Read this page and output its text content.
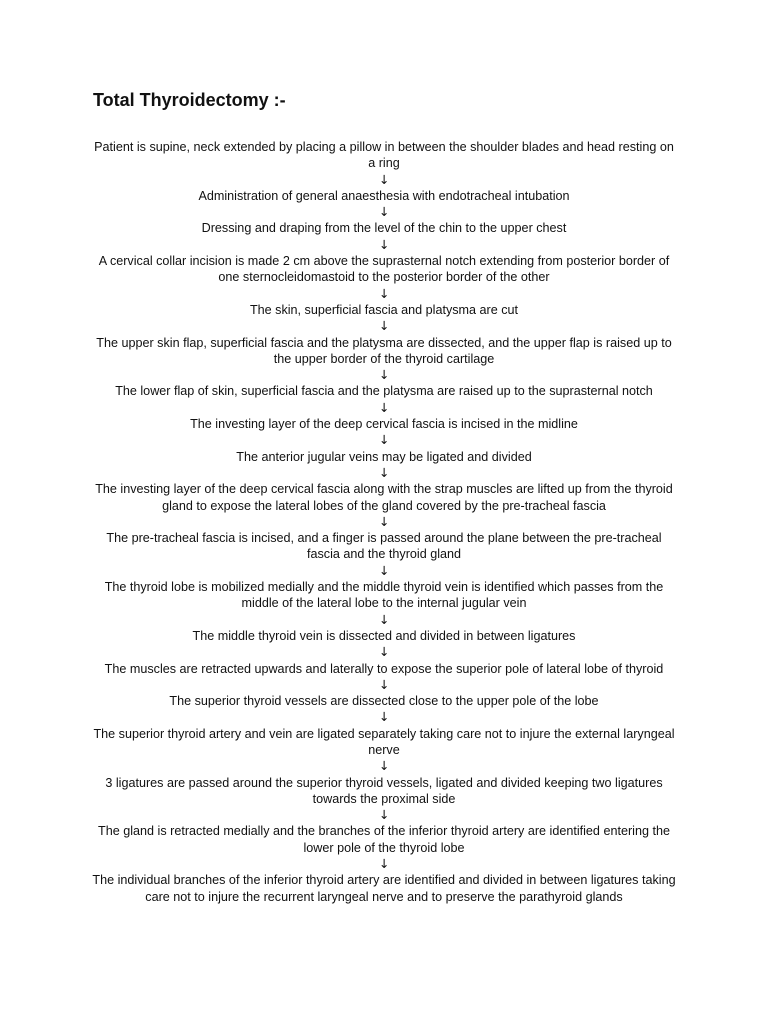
Total Thyroidectomy :-
Patient is supine, neck extended by placing a pillow in between the shoulder blades and head resting on a ring
↓
Administration of general anaesthesia with endotracheal intubation
↓
Dressing and draping from the level of the chin to the upper chest
↓
A cervical collar incision is made 2 cm above the suprasternal notch extending from posterior border of one sternocleidomastoid to the posterior border of the other
↓
The skin, superficial fascia and platysma are cut
↓
The upper skin flap, superficial fascia and the platysma are dissected, and the upper flap is raised up to the upper border of the thyroid cartilage
↓
The lower flap of skin, superficial fascia and the platysma are raised up to the suprasternal notch
↓
The investing layer of the deep cervical fascia is incised in the midline
↓
The anterior jugular veins may be ligated and divided
↓
The investing layer of the deep cervical fascia along with the strap muscles are lifted up from the thyroid gland to expose the lateral lobes of the gland covered by the pre-tracheal fascia
↓
The pre-tracheal fascia is incised, and a finger is passed around the plane between the pre-tracheal fascia and the thyroid gland
↓
The thyroid lobe is mobilized medially and the middle thyroid vein is identified which passes from the middle of the lateral lobe to the internal jugular vein
↓
The middle thyroid vein is dissected and divided in between ligatures
↓
The muscles are retracted upwards and laterally to expose the superior pole of lateral lobe of thyroid
↓
The superior thyroid vessels are dissected close to the upper pole of the lobe
↓
The superior thyroid artery and vein are ligated separately taking care not to injure the external laryngeal nerve
↓
3 ligatures are passed around the superior thyroid vessels, ligated and divided keeping two ligatures towards the proximal side
↓
The gland is retracted medially and the branches of the inferior thyroid artery are identified entering the lower pole of the thyroid lobe
↓
The individual branches of the inferior thyroid artery are identified and divided in between ligatures taking care not to injure the recurrent laryngeal nerve and to preserve the parathyroid glands
